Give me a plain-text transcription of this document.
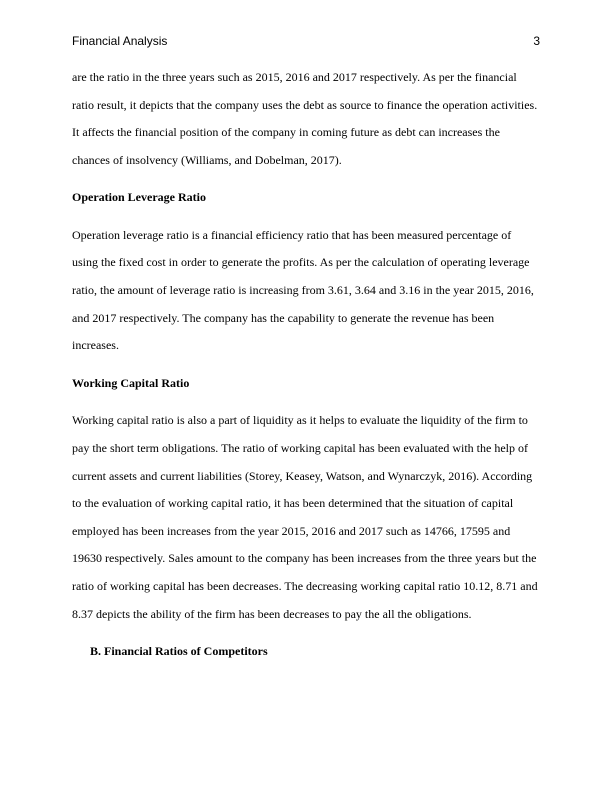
Financial Analysis	3
are the ratio in the three years such as 2015, 2016 and 2017 respectively. As per the financial
ratio result, it depicts that the company uses the debt as source to finance the operation activities.
It affects the financial position of the company in coming future as debt can increases the
chances of insolvency (Williams, and Dobelman, 2017).
Operation Leverage Ratio
Operation leverage ratio is a financial efficiency ratio that has been measured percentage of
using the fixed cost in order to generate the profits. As per the calculation of operating leverage
ratio, the amount of leverage ratio is increasing from 3.61, 3.64 and 3.16 in the year 2015, 2016,
and 2017 respectively. The company has the capability to generate the revenue has been
increases.
Working Capital Ratio
Working capital ratio is also a part of liquidity as it helps to evaluate the liquidity of the firm to
pay the short term obligations. The ratio of working capital has been evaluated with the help of
current assets and current liabilities (Storey, Keasey, Watson, and Wynarczyk, 2016). According
to the evaluation of working capital ratio, it has been determined that the situation of capital
employed has been increases from the year 2015, 2016 and 2017 such as 14766, 17595 and
19630 respectively. Sales amount to the company has been increases from the three years but the
ratio of working capital has been decreases. The decreasing working capital ratio 10.12, 8.71 and
8.37 depicts the ability of the firm has been decreases to pay the all the obligations.
B. Financial Ratios of Competitors
